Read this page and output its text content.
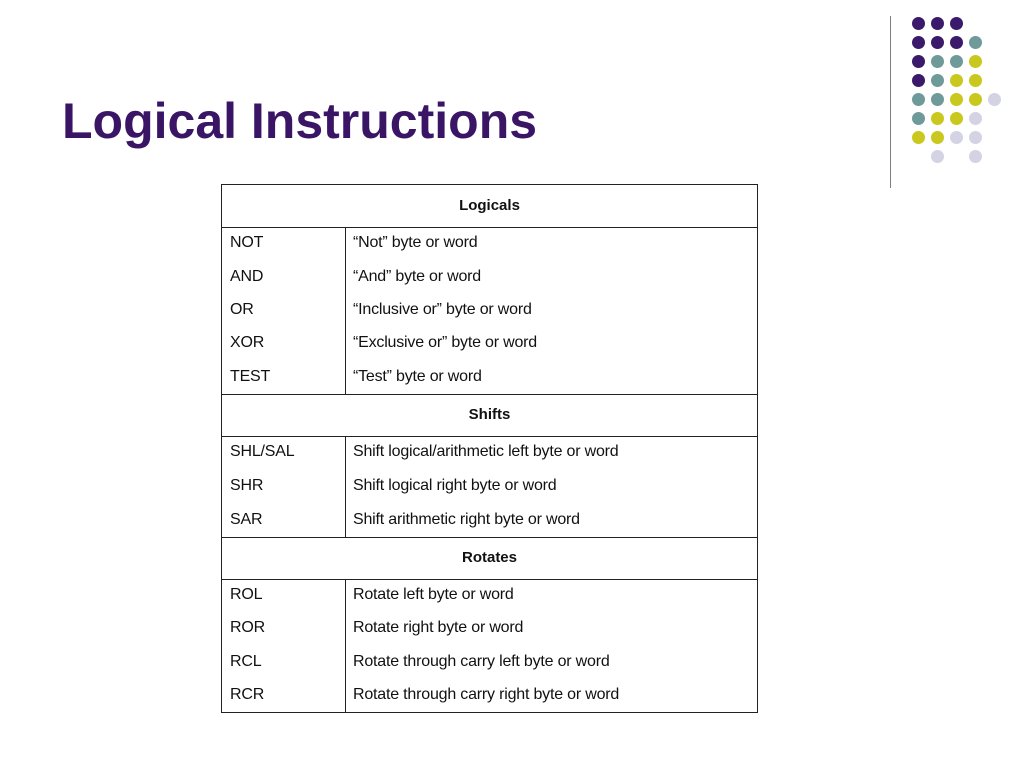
Logical Instructions
Logicals
NOT	“Not” byte or word
AND	“And” byte or word
OR	“Inclusive or” byte or word
XOR	“Exclusive or” byte or word
TEST	“Test” byte or word
Shifts
SHL/SAL	Shift logical/arithmetic left byte or word
SHR	Shift logical right byte or word
SAR	Shift arithmetic right byte or word
Rotates
ROL	Rotate left byte or word
ROR	Rotate right byte or word
RCL	Rotate through carry left byte or word
RCR	Rotate through carry right byte or word
